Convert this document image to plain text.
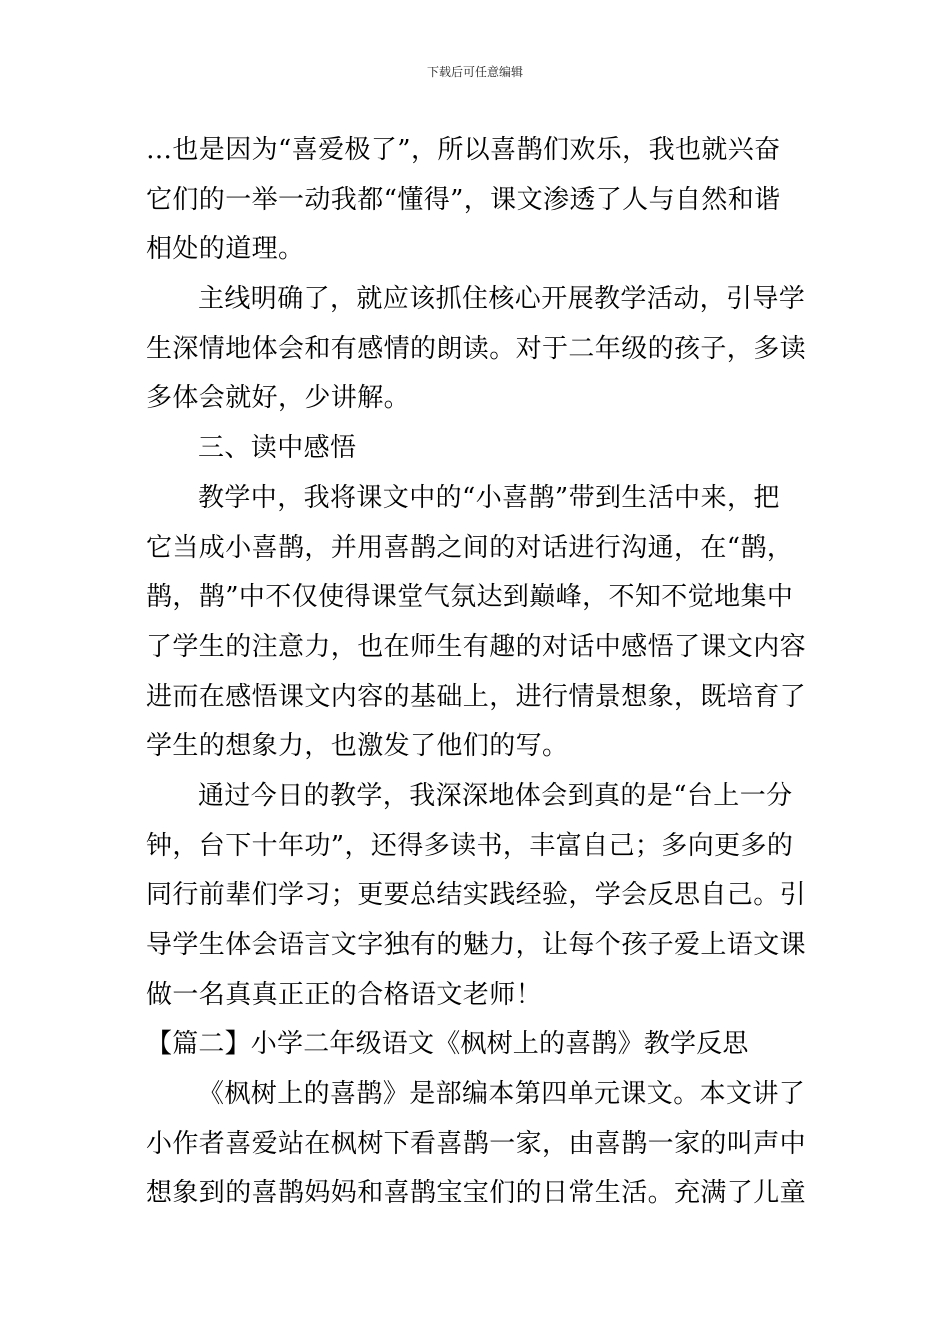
下载后可任意编辑
…也是因为“喜爱极了”，所以喜鹊们欢乐，我也就兴奋
它们的一举一动我都“懂得”，课文渗透了人与自然和谐
相处的道理。
主线明确了，就应该抓住核心开展教学活动，引导学
生深情地体会和有感情的朗读。对于二年级的孩子，多读
多体会就好，少讲解。
三、读中感悟
教学中，我将课文中的“小喜鹊”带到生活中来，把
它当成小喜鹊，并用喜鹊之间的对话进行沟通，在“鹊，
鹊，鹊”中不仅使得课堂气氛达到巅峰，不知不觉地集中
了学生的注意力，也在师生有趣的对话中感悟了课文内容
进而在感悟课文内容的基础上，进行情景想象，既培育了
学生的想象力，也激发了他们的写。
通过今日的教学，我深深地体会到真的是“台上一分
钟，台下十年功”，还得多读书，丰富自己；多向更多的
同行前辈们学习；更要总结实践经验，学会反思自己。引
导学生体会语言文字独有的魅力，让每个孩子爱上语文课
做一名真真正正的合格语文老师！
【篇二】小学二年级语文《枫树上的喜鹊》教学反思
《枫树上的喜鹊》是部编本第四单元课文。本文讲了
小作者喜爱站在枫树下看喜鹊一家，由喜鹊一家的叫声中
想象到的喜鹊妈妈和喜鹊宝宝们的日常生活。充满了儿童
